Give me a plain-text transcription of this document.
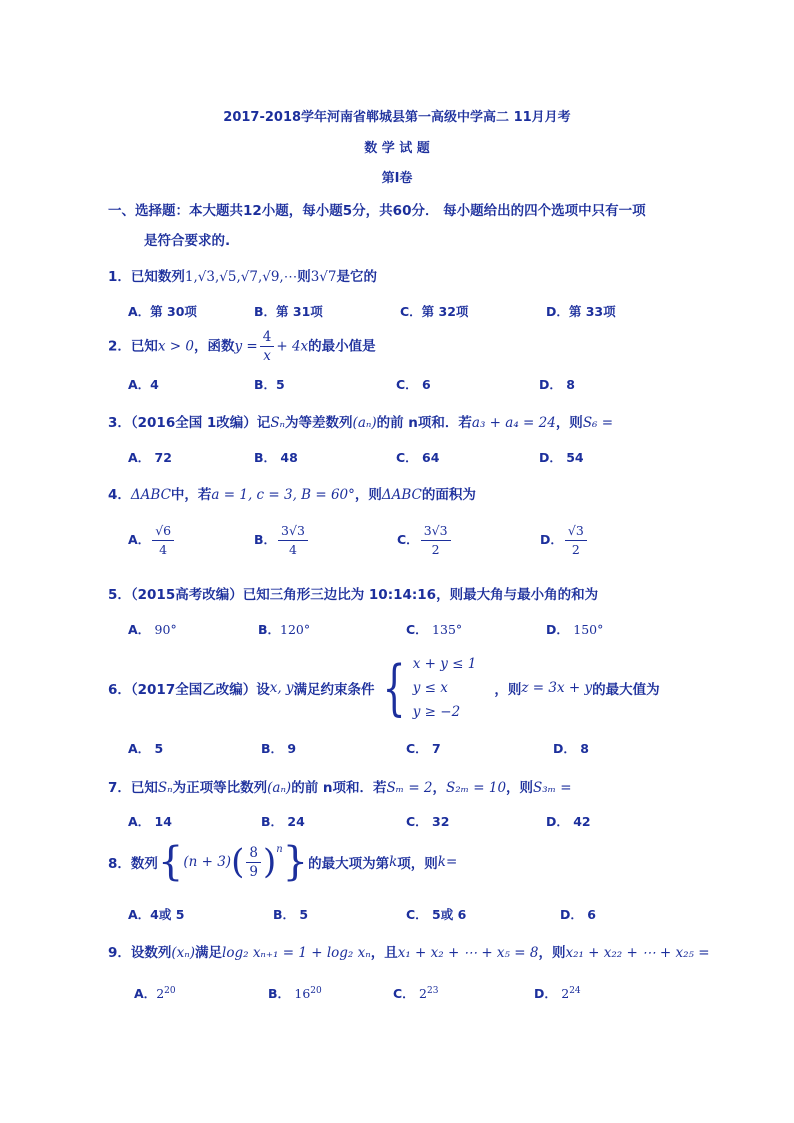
2017-2018学年河南省郸城县第一高级中学高二 11月月考
数 学 试 题
第Ⅰ卷
一、选择题：本大题共12小题，每小题5分，共60分． 每小题给出的四个选项中只有一项
是符合要求的.
1．已知数列1,√3,√5,√7,√9,⋯则3√7是它的
A．第 30项	B．第 31项	C．第 32项	D．第 33项
2．已知x > 0，函数$y = \frac{4}{x} + 4x$的最小值是
A．4	B．5	C． 6	D． 8
3．（2016全国 1改编）记Sₙ为等差数列(aₙ)的前 n项和．若a₃ + a₄ = 24，则S₆ =
A． 72	B． 48	C． 64	D． 54
4．ΔABC中，若a = 1, c = 3, B = 60°，则ΔABC的面积为
A． $\frac{√6}{4}$	B． $\frac{3√3}{4}$	C． $\frac{3√3}{2}$	D． $\frac{√3}{2}$
5．（2015高考改编）已知三角形三边比为 10:14:16，则最大角与最小角的和为
A． 90°	B．120°	C． 135°	D． 150°
6．（2017全国乙改编）设 x, y 满足约束条件 { x + y ≤ 1
y ≤ x
y ≥ −2
，则 z = 3x + y 的最大值为
A． 5	B． 9	C． 7	D． 8
7．已知Sₙ为正项等比数列(aₙ)的前 n项和．若Sₘ = 2，S₂ₘ = 10，则S₃ₘ =
A． 14	B． 24	C． 32	D． 42
8．数列 { (n + 3) ( $\frac{8}{9}$ ) n } 的最大项为第 k 项，则 k =
A．4或 5	B． 5	C． 5或 6	D． 6
9．设数列(xₙ)满足log₂ xₙ₊₁ = 1 + log₂ xₙ，且x₁ + x₂ + ⋯ + x₅ = 8，则x₂₁ + x₂₂ + ⋯ + x₂₅ =
A．$2^{20}$	B． $16^{20}$	C． $2^{23}$	D． $2^{24}$
